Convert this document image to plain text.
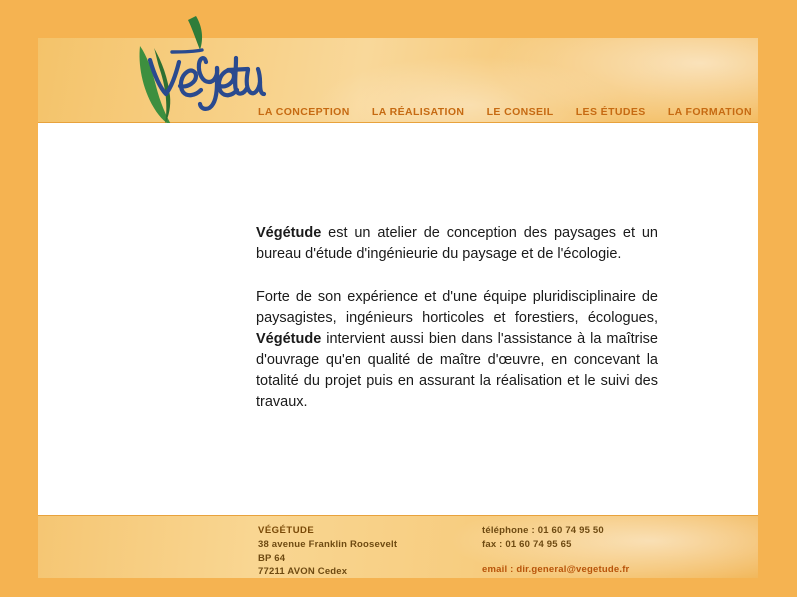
LA CONCEPTION LA RÉALISATION LE CONSEIL LES ÉTUDES LA FORMATION

Végétude est un atelier de conception des paysages et un bureau d'étude d'ingénieurie du paysage et de l'écologie.

Forte de son expérience et d'une équipe pluridisciplinaire de paysagistes, ingénieurs horticoles et forestiers, écologues, Végétude intervient aussi bien dans l'assistance à la maîtrise d'ouvrage qu'en qualité de maître d'œuvre, en concevant la totalité du projet puis en assurant la réalisation et le suivi des travaux.

VÉGÉTUDE
38 avenue Franklin Roosevelt
BP 64
77211 AVON Cedex
téléphone : 01 60 74 95 50
fax : 01 60 74 95 65
email : dir.general@vegetude.fr
